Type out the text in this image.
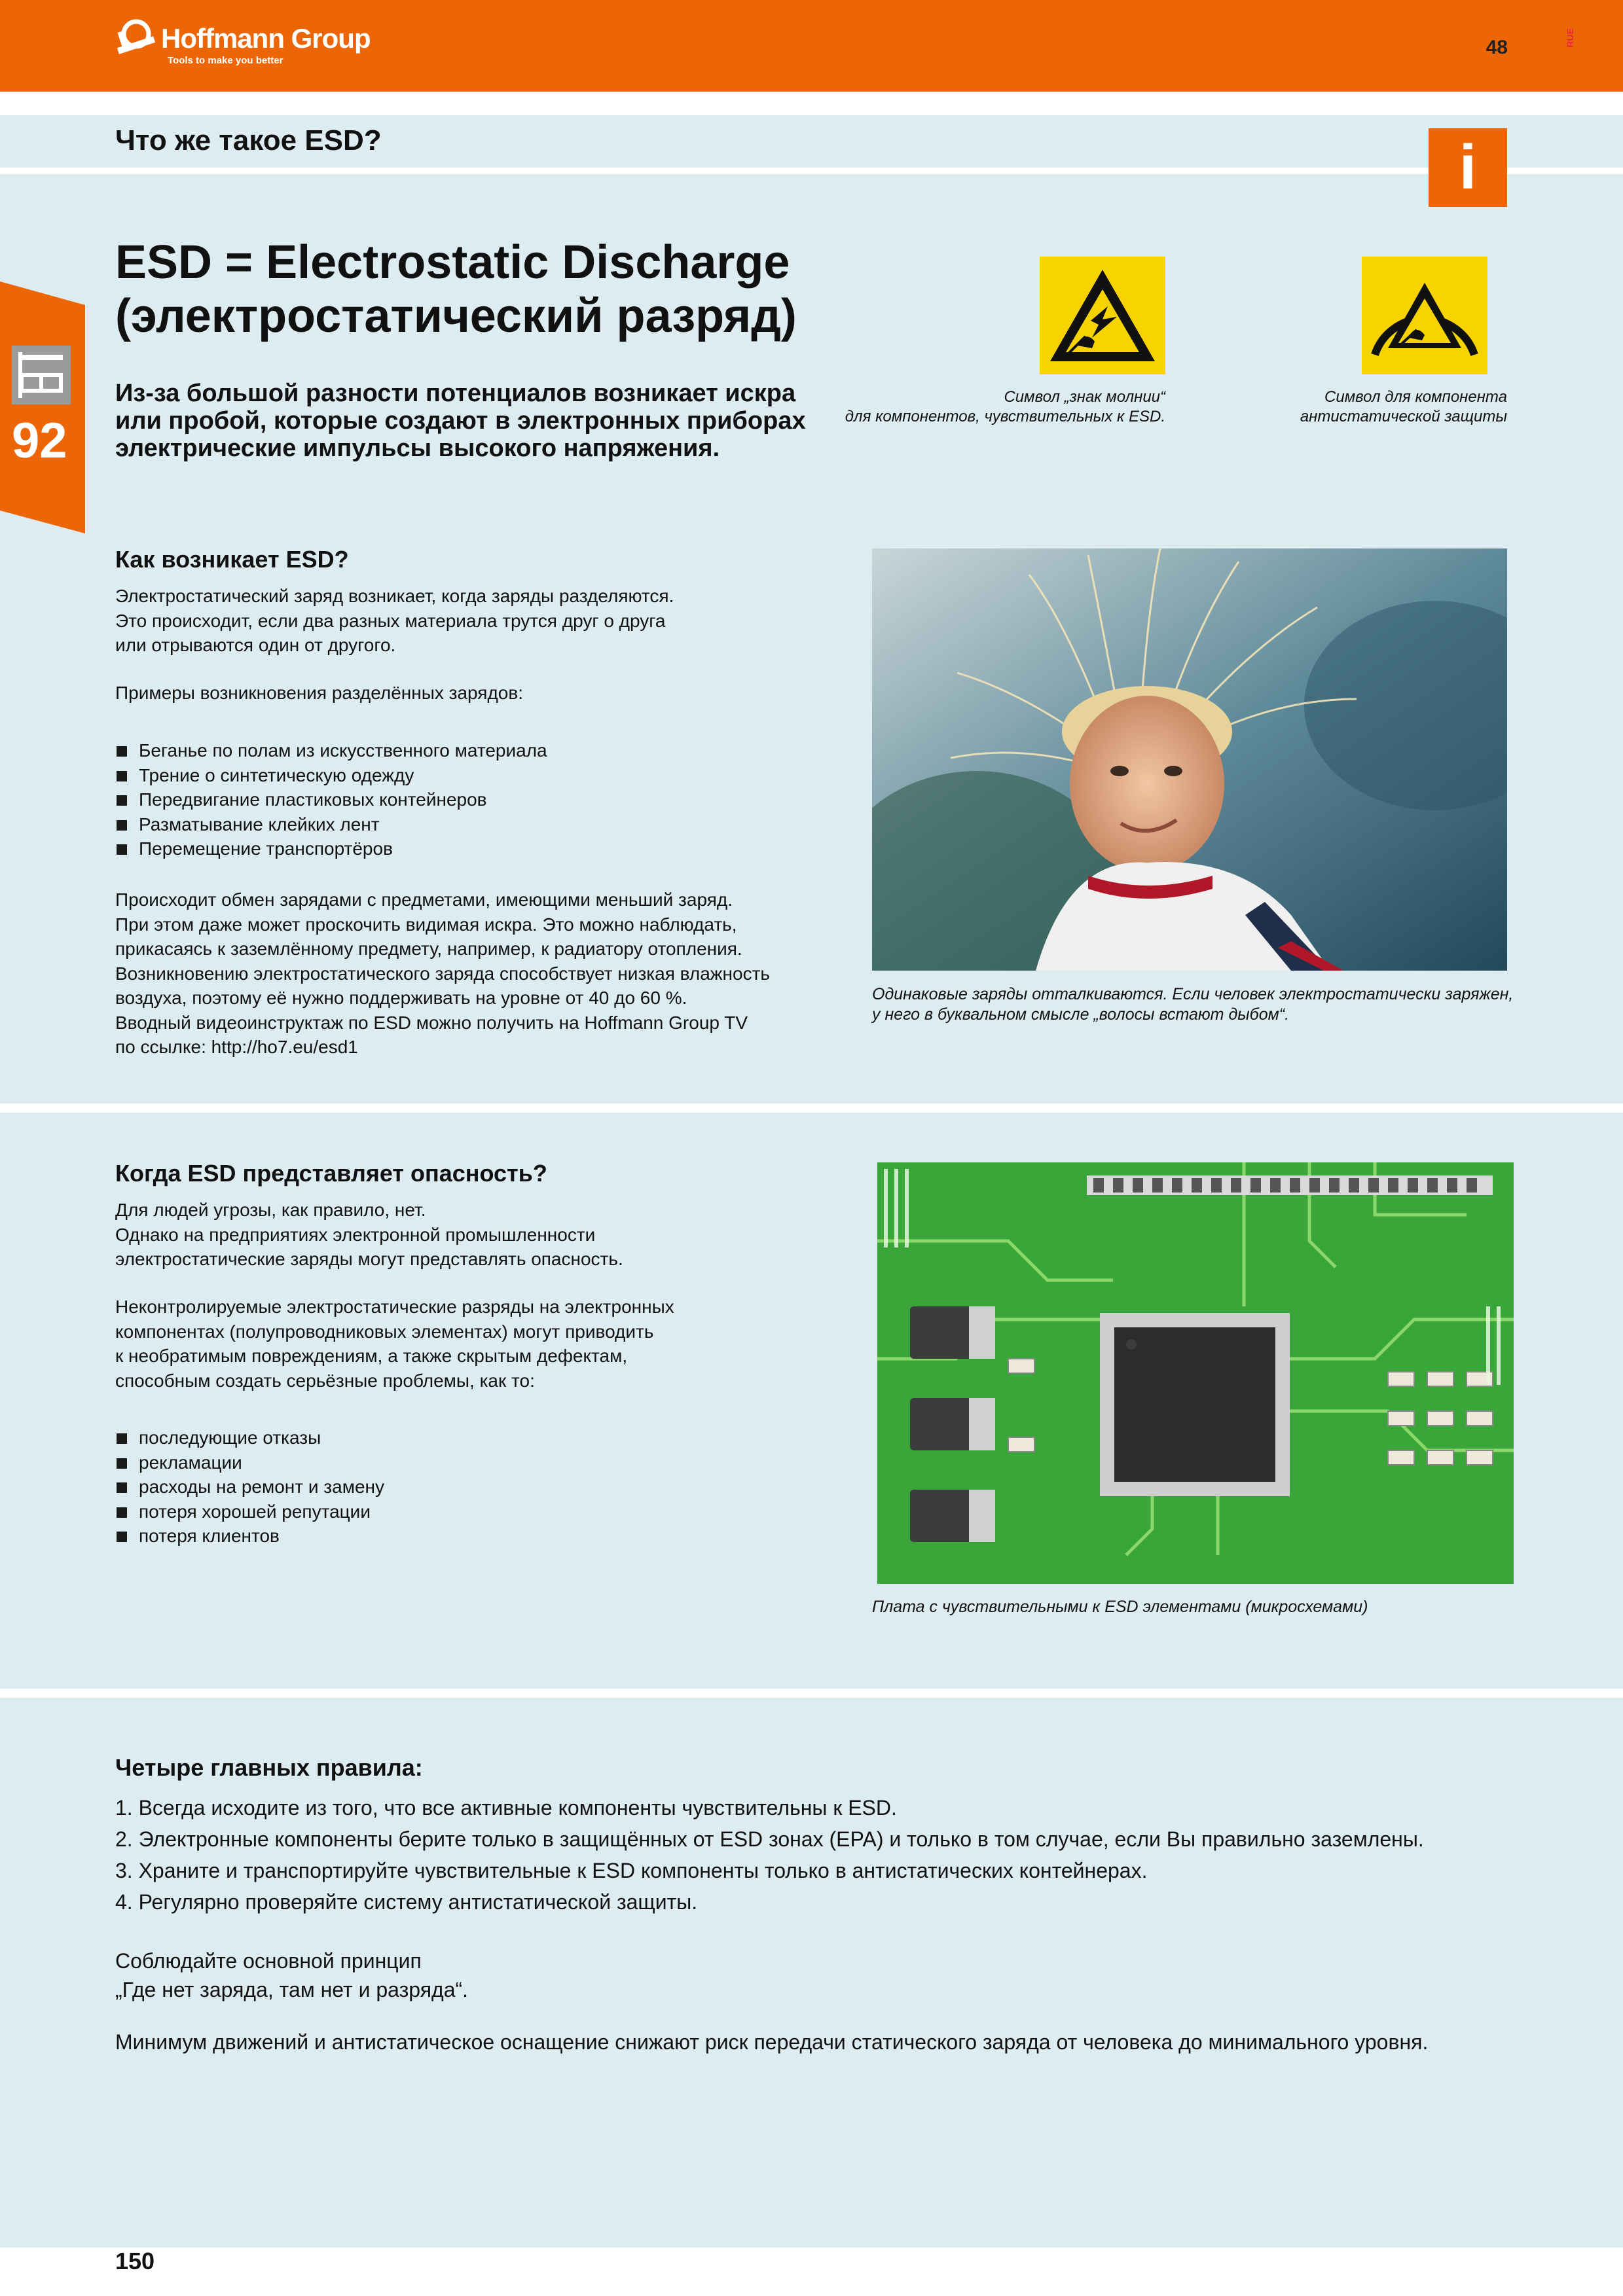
Hoffmann Group
Tools to make you better
48	RUE
Что же такое ESD?	i
92
ESD = Electrostatic Discharge
(электростатический разряд)
Из-за большой разности потенциалов возникает искра или пробой, которые создают в электронных приборах электрические импульсы высокого напряжения.
Символ „знак молнии“
для компонентов, чувствительных к ESD.
Символ для компонента
антистатической защиты
Как возникает ESD?
Электростатический заряд возникает, когда заряды разделяются.
Это происходит, если два разных материала трутся друг о друга
или отрываются один от другого.
Примеры возникновения разделённых зарядов:
Беганье по полам из искусственного материала
Трение о синтетическую одежду
Передвигание пластиковых контейнеров
Разматывание клейких лент
Перемещение транспортёров
Происходит обмен зарядами с предметами, имеющими меньший заряд.
При этом даже может проскочить видимая искра. Это можно наблюдать,
прикасаясь к заземлённому предмету, например, к радиатору отопления.
Возникновению электростатического заряда способствует низкая влажность
воздуха, поэтому её нужно поддерживать на уровне от 40 до 60 %.
Вводный видеоинструктаж по ESD можно получить на Hoffmann Group TV
по ссылке: http://ho7.eu/esd1
Одинаковые заряды отталкиваются. Если человек электростатически заряжен,
у него в буквальном смысле „волосы встают дыбом“.
Когда ESD представляет опасность?
Для людей угрозы, как правило, нет.
Однако на предприятиях электронной промышленности
электростатические заряды могут представлять опасность.
Неконтролируемые электростатические разряды на электронных
компонентах (полупроводниковых элементах) могут приводить
к необратимым повреждениям, а также скрытым дефектам,
способным создать серьёзные проблемы, как то:
последующие отказы
рекламации
расходы на ремонт и замену
потеря хорошей репутации
потеря клиентов
Плата с чувствительными к ESD элементами (микросхемами)
Четыре главных правила:
1. Всегда исходите из того, что все активные компоненты чувствительны к ESD.
2. Электронные компоненты берите только в защищённых от ESD зонах (EPA) и только в том случае, если Вы правильно заземлены.
3. Храните и транспортируйте чувствительные к ESD компоненты только в антистатических контейнерах.
4. Регулярно проверяйте систему антистатической защиты.
Соблюдайте основной принцип
„Где нет заряда, там нет и разряда“.
Минимум движений и антистатическое оснащение снижают риск передачи статического заряда от человека до минимального уровня.
150
